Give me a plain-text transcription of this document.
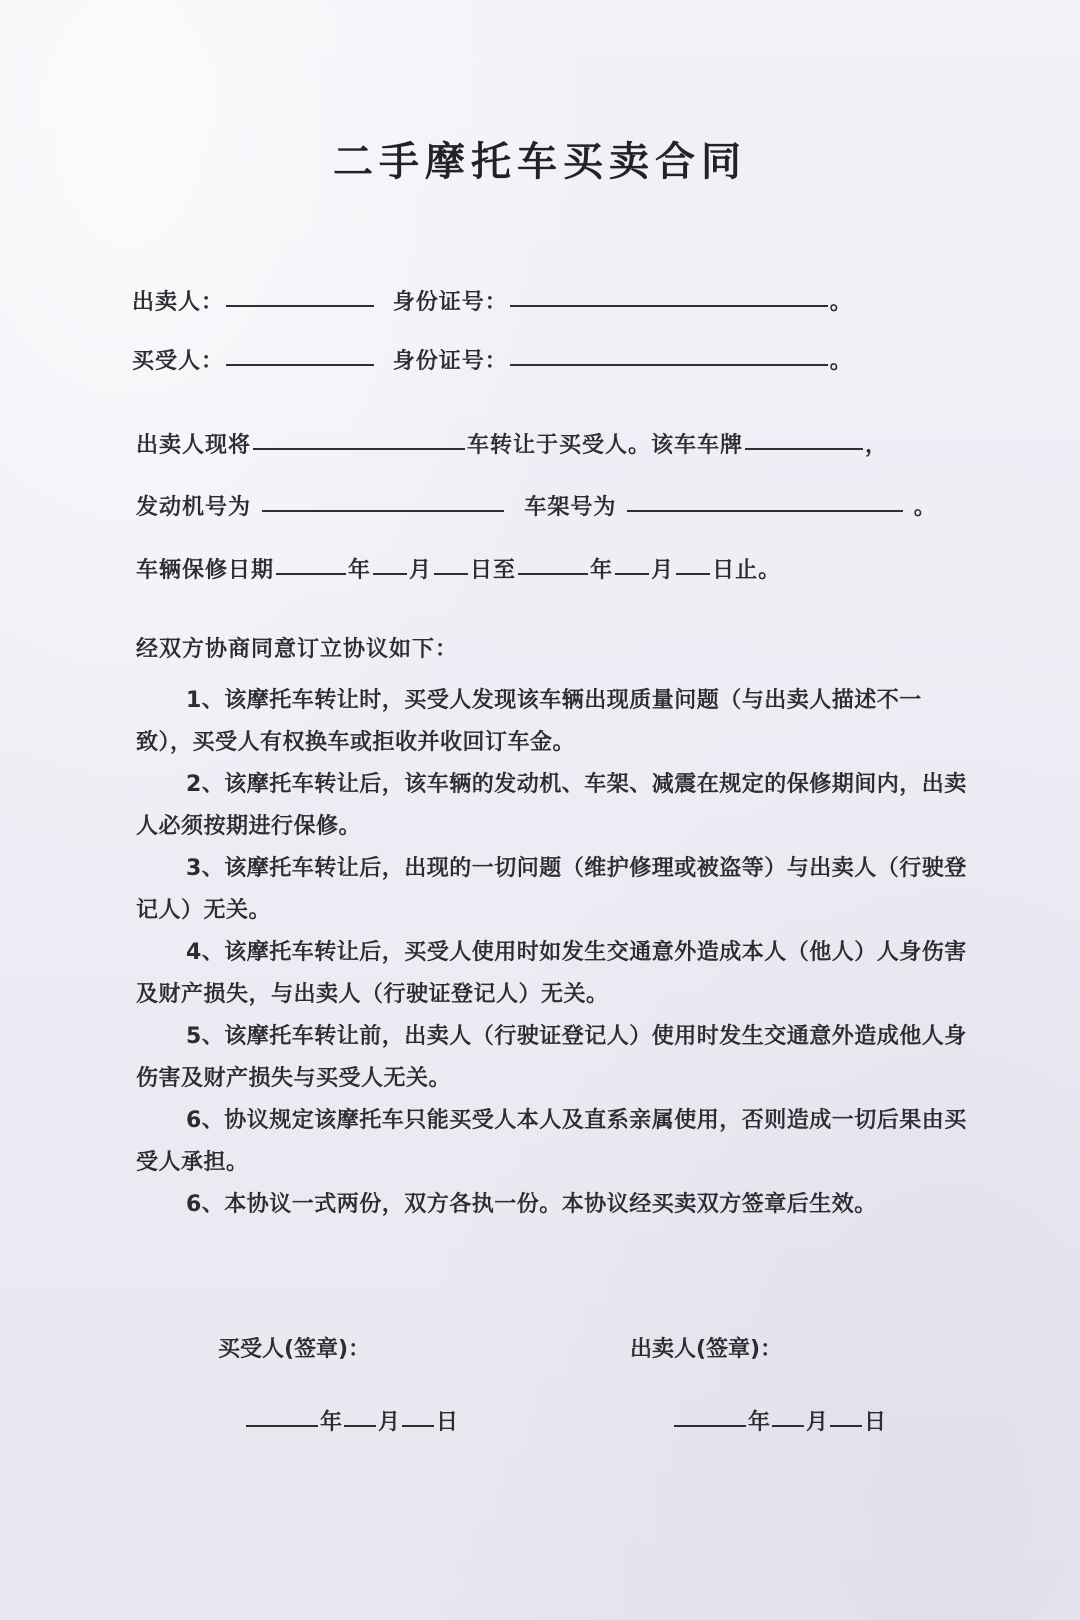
二手摩托车买卖合同
出卖人：	身份证号：	。
买受人：	身份证号：	。
出卖人现将	车转让于买受人。该车车牌	，
发动机号为	车架号为	。
车辆保修日期	年 月 日至	年 月 日止。
经双方协商同意订立协议如下：
1、该摩托车转让时，买受人发现该车辆出现质量问题（与出卖人描述不一致），买受人有权换车或拒收并收回订车金。
2、该摩托车转让后，该车辆的发动机、车架、减震在规定的保修期间内，出卖人必须按期进行保修。
3、该摩托车转让后，出现的一切问题（维护修理或被盗等）与出卖人（行驶登记人）无关。
4、该摩托车转让后，买受人使用时如发生交通意外造成本人（他人）人身伤害及财产损失，与出卖人（行驶证登记人）无关。
5、该摩托车转让前，出卖人（行驶证登记人）使用时发生交通意外造成他人身伤害及财产损失与买受人无关。
6、协议规定该摩托车只能买受人本人及直系亲属使用，否则造成一切后果由买受人承担。
6、本协议一式两份，双方各执一份。本协议经买卖双方签章后生效。
买受人(签章)：	出卖人(签章)：
年 月 日	年 月 日
